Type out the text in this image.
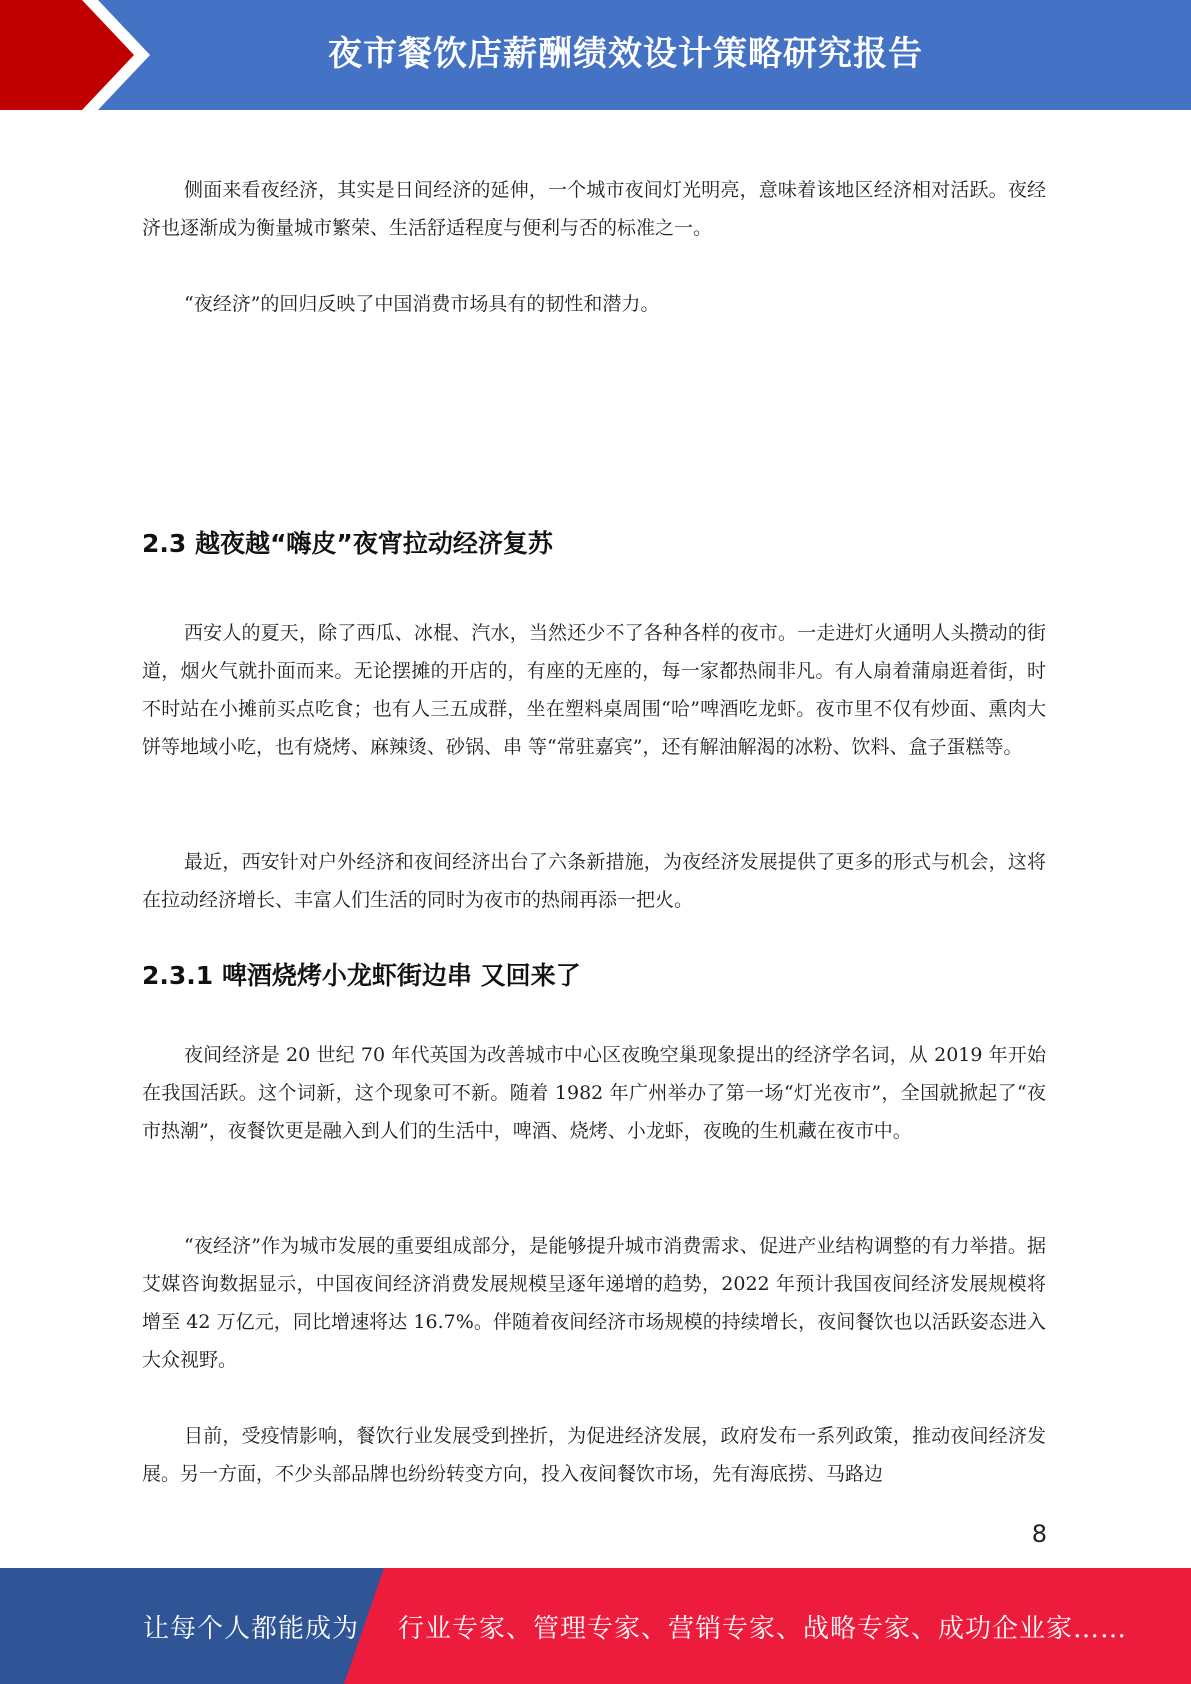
夜市餐饮店薪酬绩效设计策略研究报告

侧面来看夜经济，其实是日间经济的延伸，一个城市夜间灯光明亮，意味着该地区经济相对活跃。夜经济也逐渐成为衡量城市繁荣、生活舒适程度与便利与否的标准之一。

“夜经济”的回归反映了中国消费市场具有的韧性和潜力。

2.3 越夜越“嗨皮”夜宵拉动经济复苏

西安人的夏天，除了西瓜、冰棍、汽水，当然还少不了各种各样的夜市。一走进灯火通明人头攒动的街道，烟火气就扑面而来。无论摆摊的开店的，有座的无座的，每一家都热闹非凡。有人扇着蒲扇逛着街，时不时站在小摊前买点吃食；也有人三五成群，坐在塑料桌周围“哈”啤酒吃龙虾。夜市里不仅有炒面、熏肉大饼等地域小吃，也有烧烤、麻辣烫、砂锅、串 等“常驻嘉宾”，还有解油解渴的冰粉、饮料、盒子蛋糕等。

最近，西安针对户外经济和夜间经济出台了六条新措施，为夜经济发展提供了更多的形式与机会，这将在拉动经济增长、丰富人们生活的同时为夜市的热闹再添一把火。

2.3.1 啤酒烧烤小龙虾街边串 又回来了

夜间经济是 20 世纪 70 年代英国为改善城市中心区夜晚空巢现象提出的经济学名词，从 2019 年开始在我国活跃。这个词新，这个现象可不新。随着 1982 年广州举办了第一场“灯光夜市”，全国就掀起了“夜市热潮”，夜餐饮更是融入到人们的生活中，啤酒、烧烤、小龙虾，夜晚的生机藏在夜市中。

“夜经济”作为城市发展的重要组成部分，是能够提升城市消费需求、促进产业结构调整的有力举措。据艾媒咨询数据显示，中国夜间经济消费发展规模呈逐年递增的趋势，2022 年预计我国夜间经济发展规模将增至 42 万亿元，同比增速将达 16.7%。伴随着夜间经济市场规模的持续增长，夜间餐饮也以活跃姿态进入大众视野。

目前，受疫情影响，餐饮行业发展受到挫折，为促进经济发展，政府发布一系列政策，推动夜间经济发展。另一方面，不少头部品牌也纷纷转变方向，投入夜间餐饮市场，先有海底捞、马路边

8
让每个人都能成为 行业专家、管理专家、营销专家、战略专家、成功企业家……
